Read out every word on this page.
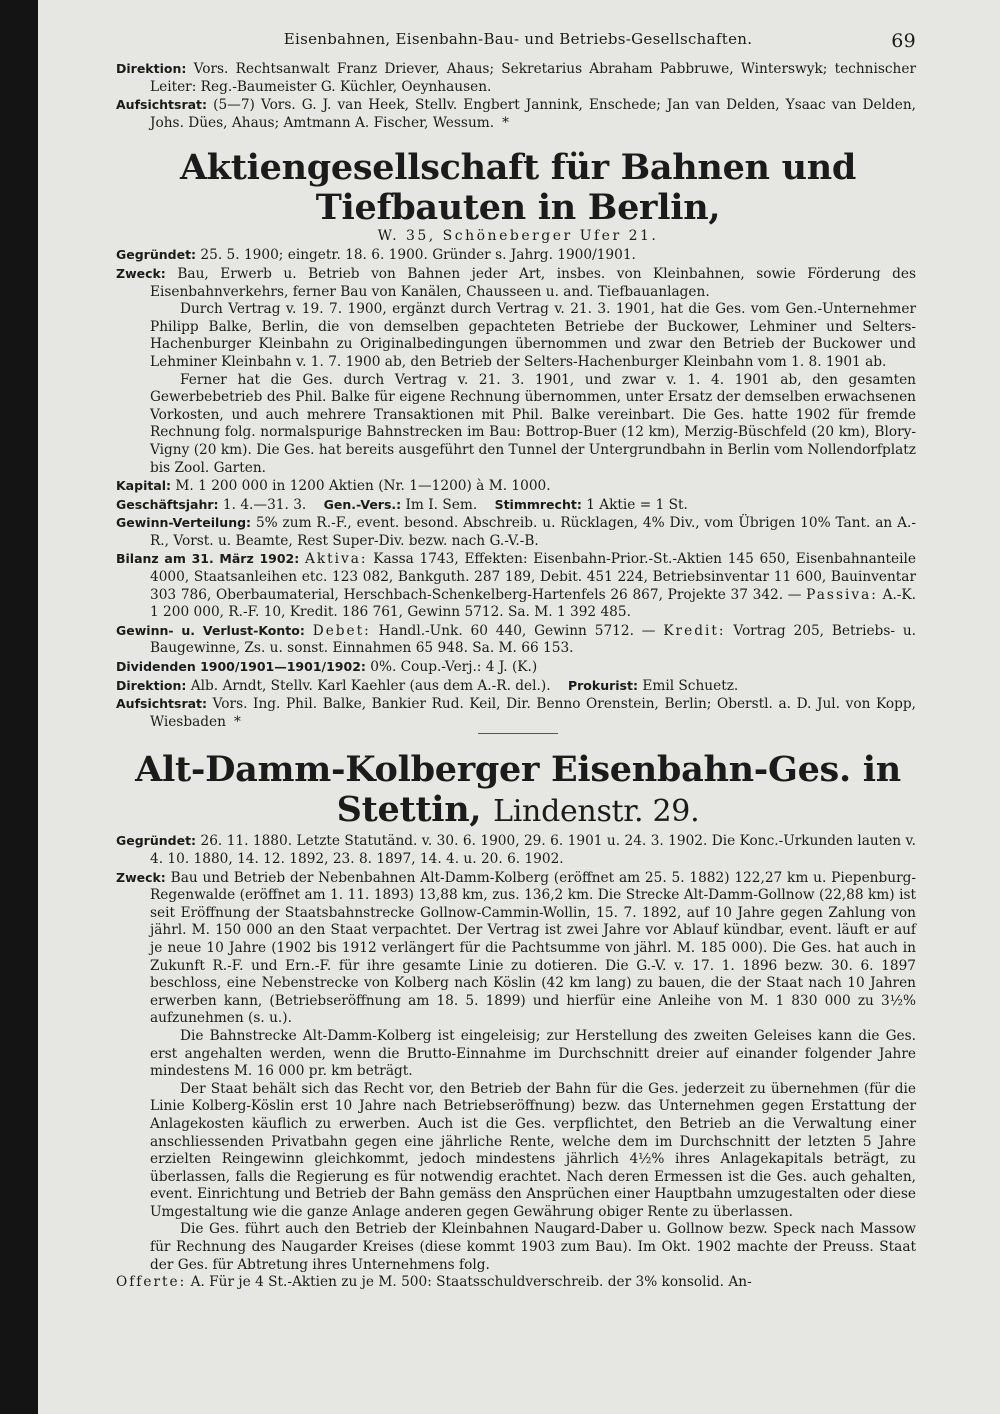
Eisenbahnen, Eisenbahn-Bau- und Betriebs-Gesellschaften.	69

Direktion: Vors. Rechtsanwalt Franz Driever, Ahaus; Sekretarius Abraham Pabbruwe, Winterswyk; technischer Leiter: Reg.-Baumeister G. Küchler, Oeynhausen.

Aufsichtsrat: (5—7) Vors. G. J. van Heek, Stellv. Engbert Jannink, Enschede; Jan van Delden, Ysaac van Delden, Johs. Dües, Ahaus; Amtmann A. Fischer, Wessum. *

Aktiengesellschaft für Bahnen und Tiefbauten in Berlin,
W. 35, Schöneberger Ufer 21.

Gegründet: 25. 5. 1900; eingetr. 18. 6. 1900. Gründer s. Jahrg. 1900/1901.

Zweck: Bau, Erwerb u. Betrieb von Bahnen jeder Art, insbes. von Kleinbahnen, sowie Förderung des Eisenbahnverkehrs, ferner Bau von Kanälen, Chausseen u. and. Tiefbauanlagen.

Durch Vertrag v. 19. 7. 1900, ergänzt durch Vertrag v. 21. 3. 1901, hat die Ges. vom Gen.-Unternehmer Philipp Balke, Berlin, die von demselben gepachteten Betriebe der Buckower, Lehminer und Selters-Hachenburger Kleinbahn zu Originalbedingungen übernommen und zwar den Betrieb der Buckower und Lehminer Kleinbahn v. 1. 7. 1900 ab, den Betrieb der Selters-Hachenburger Kleinbahn vom 1. 8. 1901 ab.

Ferner hat die Ges. durch Vertrag v. 21. 3. 1901, und zwar v. 1. 4. 1901 ab, den gesamten Gewerbebetrieb des Phil. Balke für eigene Rechnung übernommen, unter Ersatz der demselben erwachsenen Vorkosten, und auch mehrere Transaktionen mit Phil. Balke vereinbart. Die Ges. hatte 1902 für fremde Rechnung folg. normalspurige Bahnstrecken im Bau: Bottrop-Buer (12 km), Merzig-Büschfeld (20 km), Blory-Vigny (20 km). Die Ges. hat bereits ausgeführt den Tunnel der Untergrundbahn in Berlin vom Nollendorfplatz bis Zool. Garten.

Kapital: M. 1 200 000 in 1200 Aktien (Nr. 1—1200) à M. 1000.

Geschäftsjahr: 1. 4.—31. 3. Gen.-Vers.: Im I. Sem. Stimmrecht: 1 Aktie = 1 St.

Gewinn-Verteilung: 5% zum R.-F., event. besond. Abschreib. u. Rücklagen, 4% Div., vom Übrigen 10% Tant. an A.-R., Vorst. u. Beamte, Rest Super-Div. bezw. nach G.-V.-B.

Bilanz am 31. März 1902: Aktiva: Kassa 1743, Effekten: Eisenbahn-Prior.-St.-Aktien 145 650, Eisenbahnanteile 4000, Staatsanleihen etc. 123 082, Bankguth. 287 189, Debit. 451 224, Betriebsinventar 11 600, Bauinventar 303 786, Oberbaumaterial, Herschbach-Schenkelberg-Hartenfels 26 867, Projekte 37 342. — Passiva: A.-K. 1 200 000, R.-F. 10, Kredit. 186 761, Gewinn 5712. Sa. M. 1 392 485.

Gewinn- u. Verlust-Konto: Debet: Handl.-Unk. 60 440, Gewinn 5712. — Kredit: Vortrag 205, Betriebs- u. Baugewinne, Zs. u. sonst. Einnahmen 65 948. Sa. M. 66 153.

Dividenden 1900/1901—1901/1902: 0%. Coup.-Verj.: 4 J. (K.)

Direktion: Alb. Arndt, Stellv. Karl Kaehler (aus dem A.-R. del.). Prokurist: Emil Schuetz.

Aufsichtsrat: Vors. Ing. Phil. Balke, Bankier Rud. Keil, Dir. Benno Orenstein, Berlin; Oberstl. a. D. Jul. von Kopp, Wiesbaden *

Alt-Damm-Kolberger Eisenbahn-Ges. in Stettin, Lindenstr. 29.

Gegründet: 26. 11. 1880. Letzte Statutänd. v. 30. 6. 1900, 29. 6. 1901 u. 24. 3. 1902. Die Konc.-Urkunden lauten v. 4. 10. 1880, 14. 12. 1892, 23. 8. 1897, 14. 4. u. 20. 6. 1902.

Zweck: Bau und Betrieb der Nebenbahnen Alt-Damm-Kolberg (eröffnet am 25. 5. 1882) 122,27 km u. Piepenburg-Regenwalde (eröffnet am 1. 11. 1893) 13,88 km, zus. 136,2 km. Die Strecke Alt-Damm-Gollnow (22,88 km) ist seit Eröffnung der Staatsbahnstrecke Gollnow-Cammin-Wollin, 15. 7. 1892, auf 10 Jahre gegen Zahlung von jährl. M. 150 000 an den Staat verpachtet. Der Vertrag ist zwei Jahre vor Ablauf kündbar, event. läuft er auf je neue 10 Jahre (1902 bis 1912 verlängert für die Pachtsumme von jährl. M. 185 000). Die Ges. hat auch in Zukunft R.-F. und Ern.-F. für ihre gesamte Linie zu dotieren. Die G.-V. v. 17. 1. 1896 bezw. 30. 6. 1897 beschloss, eine Nebenstrecke von Kolberg nach Köslin (42 km lang) zu bauen, die der Staat nach 10 Jahren erwerben kann, (Betriebseröffnung am 18. 5. 1899) und hierfür eine Anleihe von M. 1 830 000 zu 3½% aufzunehmen (s. u.).

Die Bahnstrecke Alt-Damm-Kolberg ist eingeleisig; zur Herstellung des zweiten Geleises kann die Ges. erst angehalten werden, wenn die Brutto-Einnahme im Durchschnitt dreier auf einander folgender Jahre mindestens M. 16 000 pr. km beträgt.

Der Staat behält sich das Recht vor, den Betrieb der Bahn für die Ges. jederzeit zu übernehmen (für die Linie Kolberg-Köslin erst 10 Jahre nach Betriebseröffnung) bezw. das Unternehmen gegen Erstattung der Anlagekosten käuflich zu erwerben. Auch ist die Ges. verpflichtet, den Betrieb an die Verwaltung einer anschliessenden Privatbahn gegen eine jährliche Rente, welche dem im Durchschnitt der letzten 5 Jahre erzielten Reingewinn gleichkommt, jedoch mindestens jährlich 4½% ihres Anlagekapitals beträgt, zu überlassen, falls die Regierung es für notwendig erachtet. Nach deren Ermessen ist die Ges. auch gehalten, event. Einrichtung und Betrieb der Bahn gemäss den Ansprüchen einer Hauptbahn umzugestalten oder diese Umgestaltung wie die ganze Anlage anderen gegen Gewährung obiger Rente zu überlassen.

Die Ges. führt auch den Betrieb der Kleinbahnen Naugard-Daber u. Gollnow bezw. Speck nach Massow für Rechnung des Naugarder Kreises (diese kommt 1903 zum Bau). Im Okt. 1902 machte der Preuss. Staat der Ges. für Abtretung ihres Unternehmens folg.

Offerte: A. Für je 4 St.-Aktien zu je M. 500: Staatsschuldverschreib. der 3% konsolid. An-
